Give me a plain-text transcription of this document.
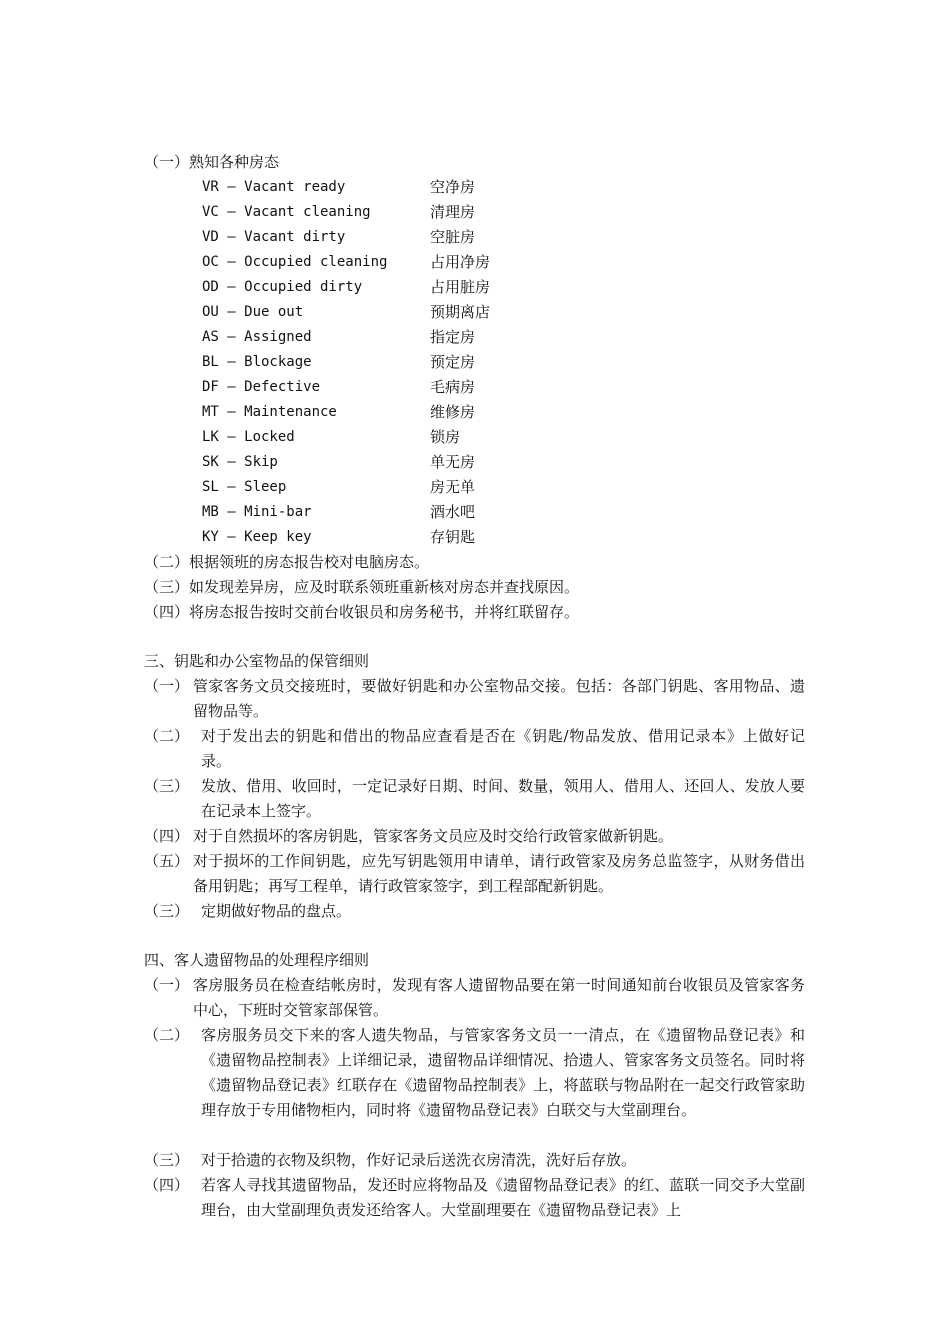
（一）熟知各种房态
VR — Vacant ready	空净房
VC — Vacant cleaning	清理房
VD — Vacant dirty	空脏房
OC — Occupied cleaning	占用净房
OD — Occupied dirty	占用脏房
OU — Due out	预期离店
AS — Assigned	指定房
BL — Blockage	预定房
DF — Defective	毛病房
MT — Maintenance	维修房
LK — Locked	锁房
SK — Skip	单无房
SL — Sleep	房无单
MB — Mini-bar	酒水吧
KY — Keep key	存钥匙
（二）根据领班的房态报告校对电脑房态。
（三）如发现差异房，应及时联系领班重新核对房态并查找原因。
（四）将房态报告按时交前台收银员和房务秘书，并将红联留存。
三、钥匙和办公室物品的保管细则
（一） 管家客务文员交接班时，要做好钥匙和办公室物品交接。包括：各部门钥匙、客用物品、遗留物品等。
（二） 对于发出去的钥匙和借出的物品应查看是否在《钥匙/物品发放、借用记录本》上做好记录。
（三） 发放、借用、收回时，一定记录好日期、时间、数量，领用人、借用人、还回人、发放人要在记录本上签字。
（四） 对于自然损坏的客房钥匙，管家客务文员应及时交给行政管家做新钥匙。
（五） 对于损坏的工作间钥匙，应先写钥匙领用申请单，请行政管家及房务总监签字，从财务借出备用钥匙；再写工程单，请行政管家签字，到工程部配新钥匙。
（三） 定期做好物品的盘点。
四、客人遗留物品的处理程序细则
（一） 客房服务员在检查结帐房时，发现有客人遗留物品要在第一时间通知前台收银员及管家客务中心，下班时交管家部保管。
（二） 客房服务员交下来的客人遗失物品，与管家客务文员一一清点，在《遗留物品登记表》和《遗留物品控制表》上详细记录，遗留物品详细情况、拾遗人、管家客务文员签名。同时将《遗留物品登记表》红联存在《遗留物品控制表》上，将蓝联与物品附在一起交行政管家助理存放于专用储物柜内，同时将《遗留物品登记表》白联交与大堂副理台。
（三） 对于拾遗的衣物及织物，作好记录后送洗衣房清洗，洗好后存放。
（四） 若客人寻找其遗留物品，发还时应将物品及《遗留物品登记表》的红、蓝联一同交予大堂副理台，由大堂副理负责发还给客人。大堂副理要在《遗留物品登记表》上
